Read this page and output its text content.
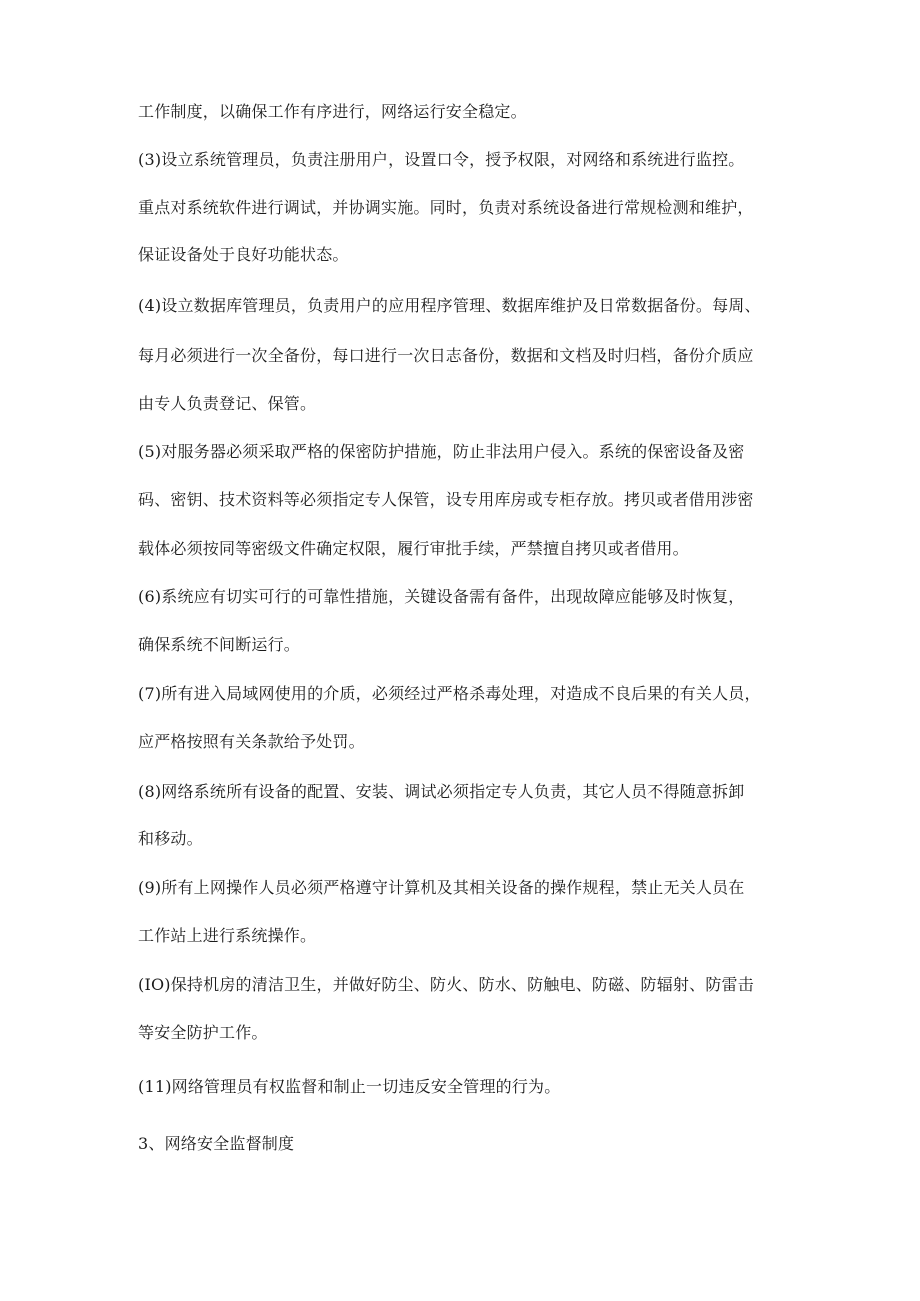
工作制度，以确保工作有序进行，网络运行安全稳定。
(3)设立系统管理员，负责注册用户，设置口令，授予权限，对网络和系统进行监控。
重点对系统软件进行调试，并协调实施。同时，负责对系统设备进行常规检测和维护，
保证设备处于良好功能状态。
(4)设立数据库管理员，负责用户的应用程序管理、数据库维护及日常数据备份。每周、
每月必须进行一次全备份，每口进行一次日志备份，数据和文档及时归档，备份介质应
由专人负责登记、保管。
(5)对服务器必须采取严格的保密防护措施，防止非法用户侵入。系统的保密设备及密
码、密钥、技术资料等必须指定专人保管，设专用库房或专柜存放。拷贝或者借用涉密
载体必须按同等密级文件确定权限，履行审批手续，严禁擅自拷贝或者借用。
(6)系统应有切实可行的可靠性措施，关键设备需有备件，出现故障应能够及时恢复，
确保系统不间断运行。
(7)所有进入局域网使用的介质，必须经过严格杀毒处理，对造成不良后果的有关人员，
应严格按照有关条款给予处罚。
(8)网络系统所有设备的配置、安装、调试必须指定专人负责，其它人员不得随意拆卸
和移动。
(9)所有上网操作人员必须严格遵守计算机及其相关设备的操作规程，禁止无关人员在
工作站上进行系统操作。
(IO)保持机房的清洁卫生，并做好防尘、防火、防水、防触电、防磁、防辐射、防雷击
等安全防护工作。
(11)网络管理员有权监督和制止一切违反安全管理的行为。
3、网络安全监督制度
